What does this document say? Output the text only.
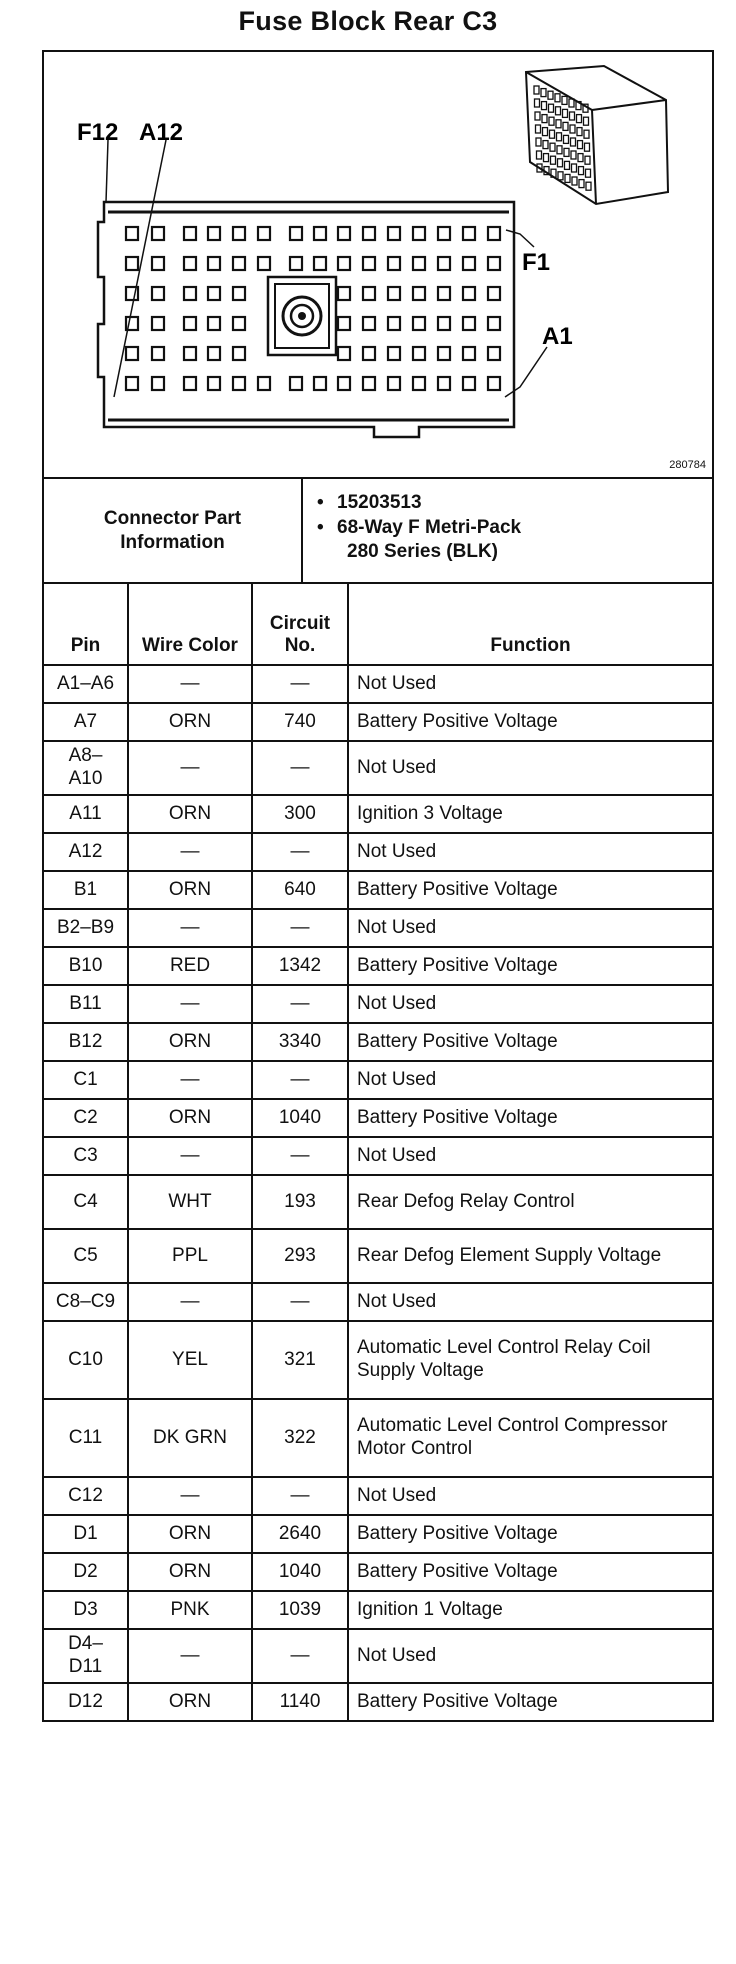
Fuse Block Rear C3
F12 A12
F1
A1
280784
Connector Part Information
• 15203513
• 68-Way F Metri-Pack
280 Series (BLK)
Pin	Wire Color	Circuit No.	Function
A1–A6	—	—	Not Used
A7	ORN	740	Battery Positive Voltage
A8– A10	—	—	Not Used
A11	ORN	300	Ignition 3 Voltage
A12	—	—	Not Used
B1	ORN	640	Battery Positive Voltage
B2–B9	—	—	Not Used
B10	RED	1342	Battery Positive Voltage
B11	—	—	Not Used
B12	ORN	3340	Battery Positive Voltage
C1	—	—	Not Used
C2	ORN	1040	Battery Positive Voltage
C3	—	—	Not Used
C4	WHT	193	Rear Defog Relay Control
C5	PPL	293	Rear Defog Element Supply Voltage
C8–C9	—	—	Not Used
C10	YEL	321	Automatic Level Control Relay Coil Supply Voltage
C11	DK GRN	322	Automatic Level Control Compressor Motor Control
C12	—	—	Not Used
D1	ORN	2640	Battery Positive Voltage
D2	ORN	1040	Battery Positive Voltage
D3	PNK	1039	Ignition 1 Voltage
D4– D11	—	—	Not Used
D12	ORN	1140	Battery Positive Voltage
